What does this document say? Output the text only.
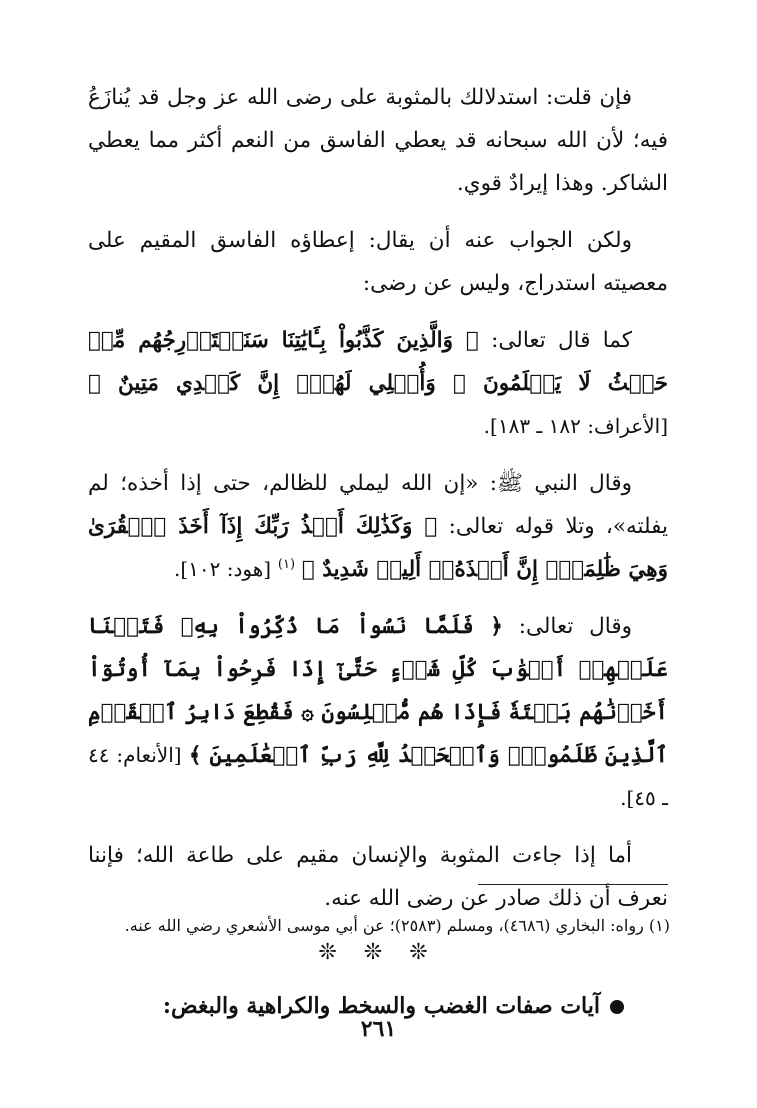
فإن قلت: استدلالك بالمثوبة على رضى الله عز وجل قد يُنازَعُ فيه؛ لأن الله سبحانه قد يعطي الفاسق من النعم أكثر مما يعطي الشاكر. وهذا إيرادٌ قوي.

ولكن الجواب عنه أن يقال: إعطاؤه الفاسق المقيم على معصيته استدراج، وليس عن رضى:

كما قال تعالى: ﴿ وَالَّذِينَ كَذَّبُواْ بِـَٔايَٰتِنَا سَنَسۡتَدۡرِجُهُم مِّنۡ حَيۡثُ لَا يَعۡلَمُونَ ۞ وَأُمۡلِي لَهُمۡۚ إِنَّ كَيۡدِي مَتِينٌ ﴾ [الأعراف: ١٨٢ ـ ١٨٣].

وقال النبي ﷺ: «إن الله ليملي للظالم، حتى إذا أخذه؛ لم يفلته»، وتلا قوله تعالى: ﴿ وَكَذَٰلِكَ أَخۡذُ رَبِّكَ إِذَآ أَخَذَ ٱلۡقُرَىٰ وَهِيَ ظَٰلِمَةٌۚ إِنَّ أَخۡذَهُۥٓ أَلِيمٞ شَدِيدٌ ﴾ $^{(١)}$ [هود: ١٠٢].

وقال تعالى: ﴿ فَلَمَّا نَسُواْ مَا ذُكِّرُواْ بِهِۦ فَتَحۡنَا عَلَيۡهِمۡ أَبۡوَٰبَ كُلِّ شَيۡءٍ حَتَّىٰٓ إِذَا فَرِحُواْ بِمَآ أُوتُوٓاْ أَخَذۡنَٰهُم بَغۡتَةٗ فَإِذَا هُم مُّبۡلِسُونَ ۞ فَقُطِعَ دَابِرُ ٱلۡقَوۡمِ ٱلَّذِينَ ظَلَمُواْۚ وَٱلۡحَمۡدُ لِلَّهِ رَبِّ ٱلۡعَٰلَمِينَ ﴾ [الأنعام: ٤٤ ـ ٤٥].

أما إذا جاءت المثوبة والإنسان مقيم على طاعة الله؛ فإننا نعرف أن ذلك صادر عن رضى الله عنه.

❊ ❊ ❊
آيات صفات الغضب والسخط والكراهية والبغض:
(١) رواه: البخاري (٤٦٨٦)، ومسلم (٢٥٨٣)؛ عن أبي موسى الأشعري رضي الله عنه.
٢٦١
